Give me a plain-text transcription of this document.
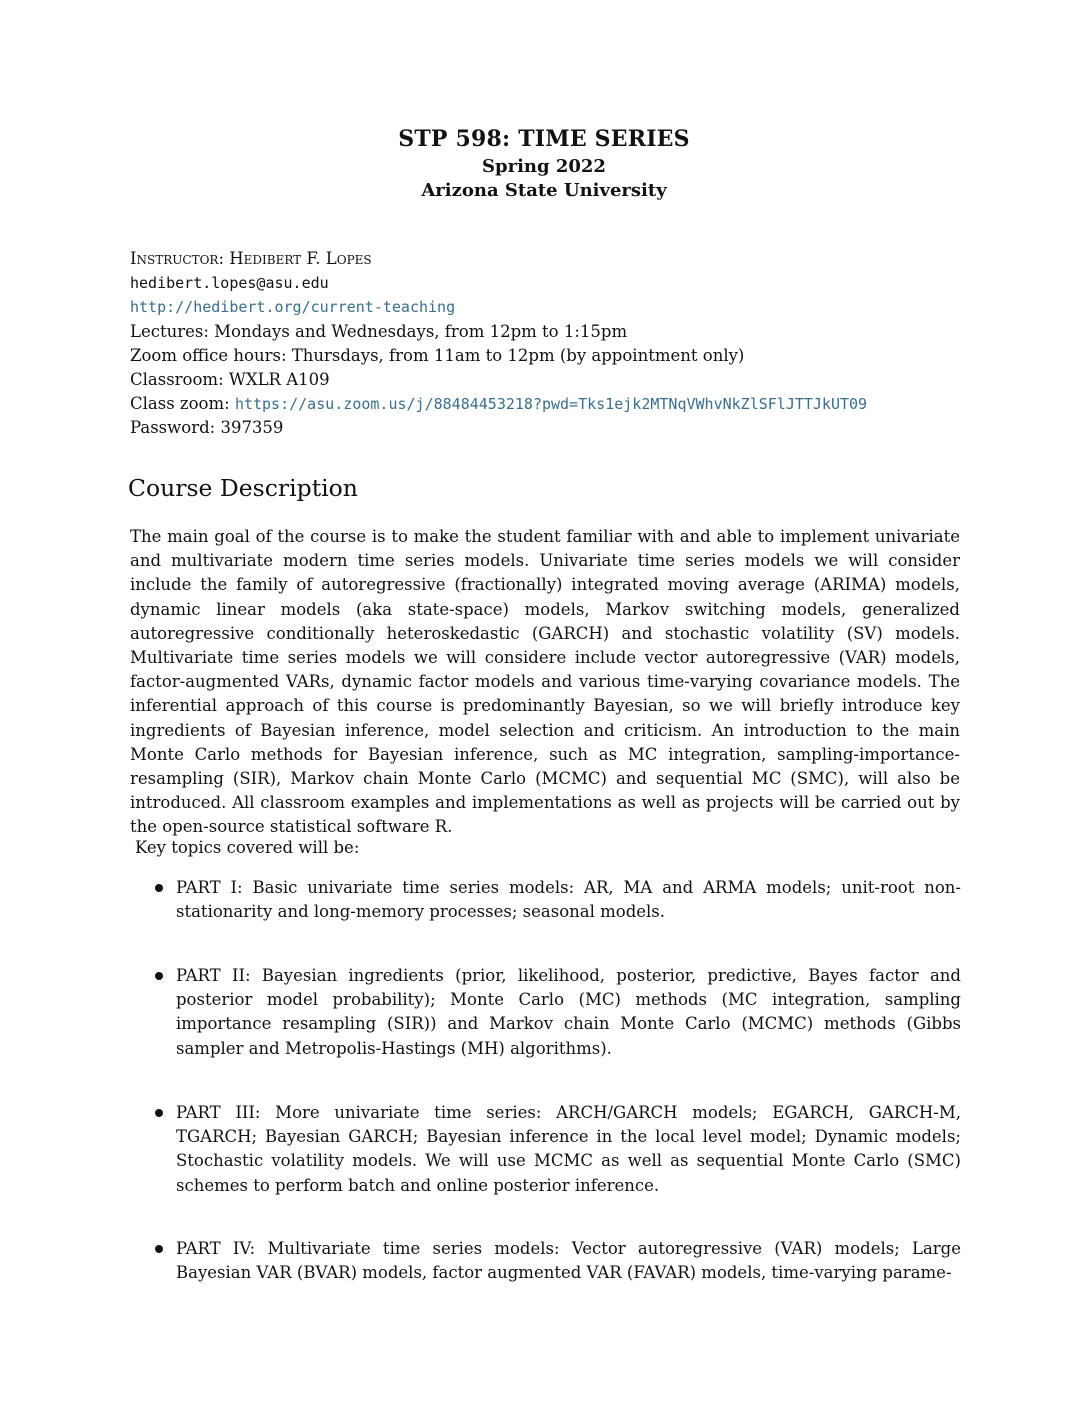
STP 598: TIME SERIES
Spring 2022
Arizona State University
Instructor: Hedibert F. Lopes
hedibert.lopes@asu.edu
http://hedibert.org/current-teaching
Lectures: Mondays and Wednesdays, from 12pm to 1:15pm
Zoom office hours: Thursdays, from 11am to 12pm (by appointment only)
Classroom: WXLR A109
Class zoom: https://asu.zoom.us/j/88484453218?pwd=Tks1ejk2MTNqVWhvNkZlSFlJTTJkUT09
Password: 397359
Course Description

The main goal of the course is to make the student familiar with and able to implement univariate and multivariate modern time series models. Univariate time series models we will consider include the family of autoregressive (fractionally) integrated moving average (ARIMA) models, dynamic linear models (aka state-space) models, Markov switching models, generalized autoregressive conditionally heteroskedastic (GARCH) and stochastic volatility (SV) models. Multivariate time series models we will considere include vector autoregressive (VAR) models, factor-augmented VARs, dynamic factor models and various time-varying covariance models. The inferential approach of this course is predominantly Bayesian, so we will briefly introduce key ingredients of Bayesian inference, model selection and criticism. An introduction to the main Monte Carlo methods for Bayesian inference, such as MC integration, sampling-importance-resampling (SIR), Markov chain Monte Carlo (MCMC) and sequential MC (SMC), will also be introduced. All classroom examples and implementations as well as projects will be carried out by the open-source statistical software R.

Key topics covered will be:

PART I: Basic univariate time series models: AR, MA and ARMA models; unit-root non-stationarity and long-memory processes; seasonal models.

PART II: Bayesian ingredients (prior, likelihood, posterior, predictive, Bayes factor and posterior model probability); Monte Carlo (MC) methods (MC integration, sampling importance resampling (SIR)) and Markov chain Monte Carlo (MCMC) methods (Gibbs sampler and Metropolis-Hastings (MH) algorithms).

PART III: More univariate time series: ARCH/GARCH models; EGARCH, GARCH-M, TGARCH; Bayesian GARCH; Bayesian inference in the local level model; Dynamic models; Stochastic volatility models. We will use MCMC as well as sequential Monte Carlo (SMC) schemes to perform batch and online posterior inference.

PART IV: Multivariate time series models: Vector autoregressive (VAR) models; Large Bayesian VAR (BVAR) models, factor augmented VAR (FAVAR) models, time-varying parame-
